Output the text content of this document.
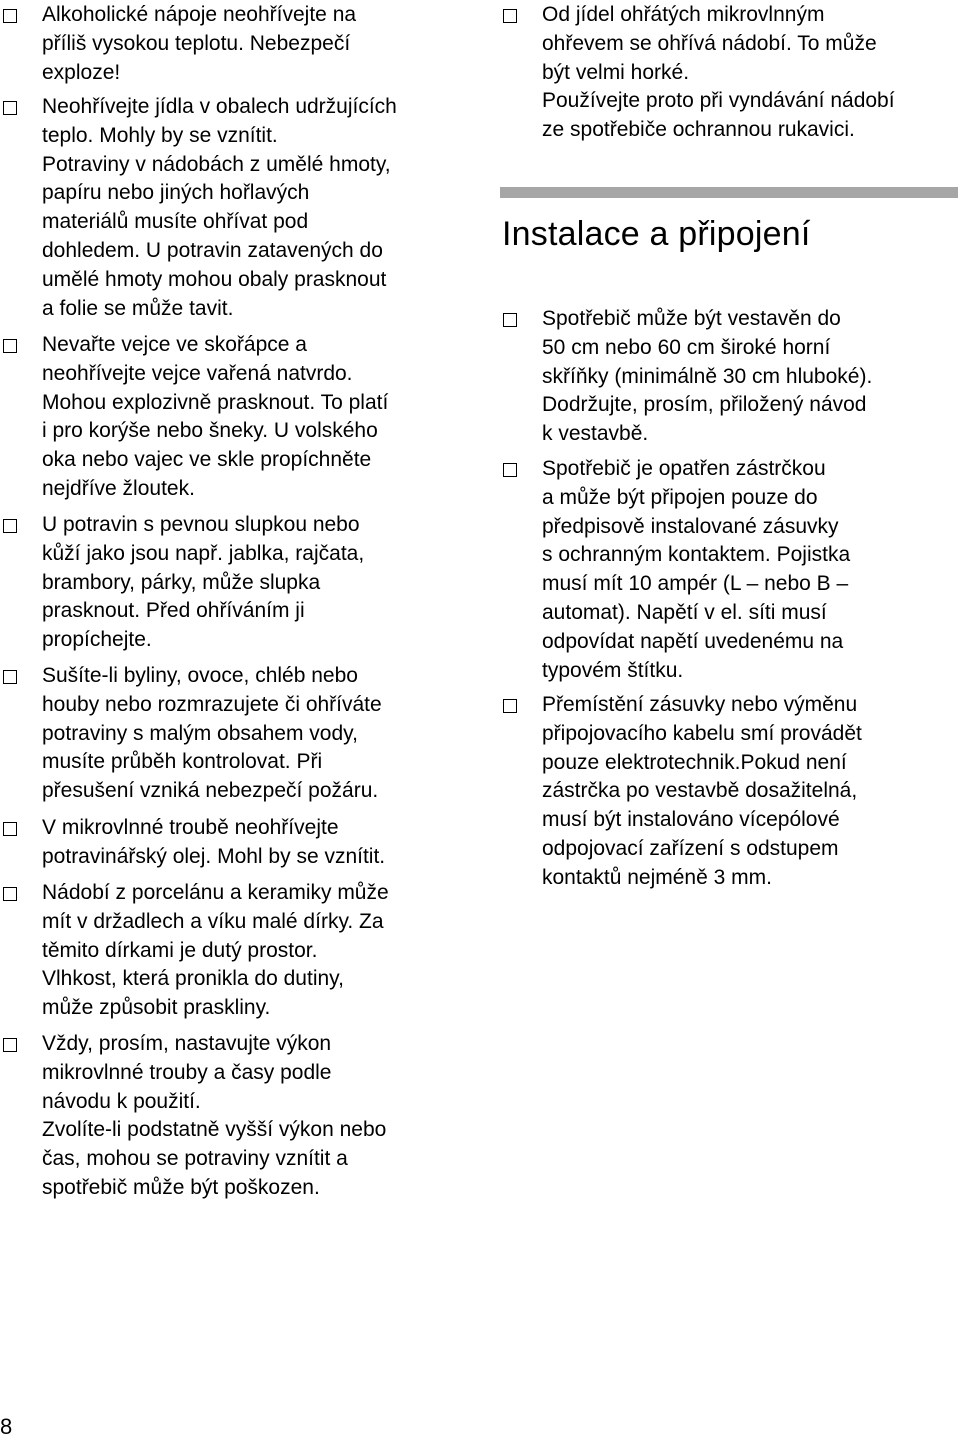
Alkoholické nápoje neohřívejte na
příliš vysokou teplotu. Nebezpečí
exploze!

Neohřívejte jídla v obalech udržujících
teplo. Mohly by se vznítit.
Potraviny v nádobách z umělé hmoty,
papíru nebo jiných hořlavých
materiálů musíte ohřívat pod
dohledem. U potravin zatavených do
umělé hmoty mohou obaly prasknout
a folie se může tavit.

Nevařte vejce ve skořápce a
neohřívejte vejce vařená natvrdo.
Mohou explozivně prasknout. To platí
i pro korýše nebo šneky. U volského
oka nebo vajec ve skle propíchněte
nejdříve žloutek.

U potravin s pevnou slupkou nebo
kůží jako jsou např. jablka, rajčata,
brambory, párky, může slupka
prasknout. Před ohříváním ji
propíchejte.

Sušíte-li byliny, ovoce, chléb nebo
houby nebo rozmrazujete či ohříváte
potraviny s malým obsahem vody,
musíte průběh kontrolovat. Při
přesušení vzniká nebezpečí požáru.

V mikrovlnné troubě neohřívejte
potravinářský olej. Mohl by se vznítit.

Nádobí z porcelánu a keramiky může
mít v držadlech a víku malé dírky. Za
těmito dírkami je dutý prostor.
Vlhkost, která pronikla do dutiny,
může způsobit praskliny.

Vždy, prosím, nastavujte výkon
mikrovlnné trouby a časy podle
návodu k použití.
Zvolíte-li podstatně vyšší výkon nebo
čas, mohou se potraviny vznítit a
spotřebič může být poškozen.

Od jídel ohřátých mikrovlnným
ohřevem se ohřívá nádobí. To může
být velmi horké.
Používejte proto při vyndávání nádobí
ze spotřebiče ochrannou rukavici.

Instalace a připojení

Spotřebič může být vestavěn do
50 cm nebo 60 cm široké horní
skříňky (minimálně 30 cm hluboké).
Dodržujte, prosím, přiložený návod
k vestavbě.

Spotřebič je opatřen zástrčkou
a může být připojen pouze do
předpisově instalované zásuvky
s ochranným kontaktem. Pojistka
musí mít 10 ampér (L – nebo B –
automat). Napětí v el. síti musí
odpovídat napětí uvedenému na
typovém štítku.

Přemístění zásuvky nebo výměnu
připojovacího kabelu smí provádět
pouze elektrotechnik.Pokud není
zástrčka po vestavbě dosažitelná,
musí být instalováno vícepólové
odpojovací zařízení s odstupem
kontaktů nejméně 3 mm.

8
